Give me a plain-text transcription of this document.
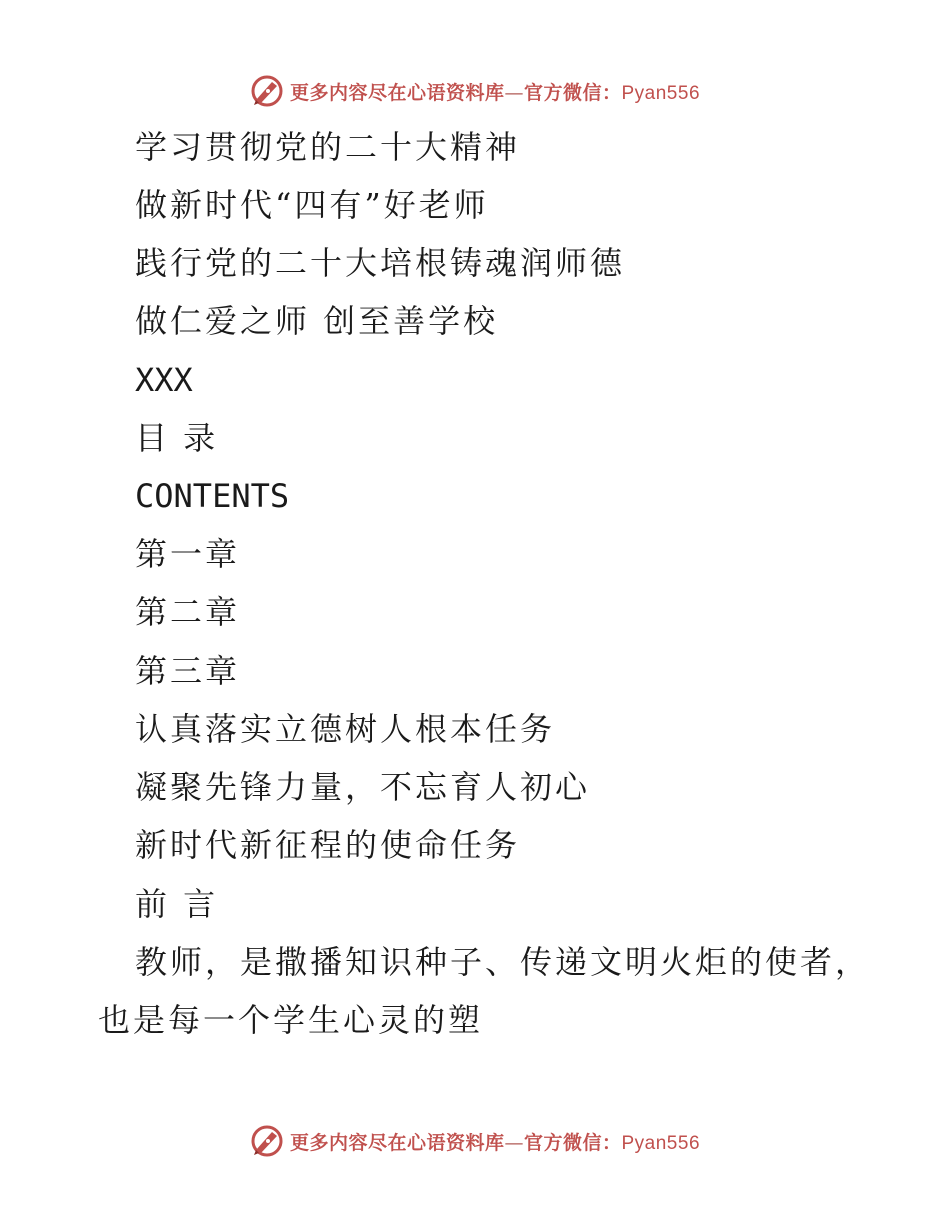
更多内容尽在心语资料库—官方微信：Pyan556
学习贯彻党的二十大精神
做新时代“四有”好老师
践行党的二十大培根铸魂润师德
做仁爱之师 创至善学校
XXX
目 录
CONTENTS
第一章
第二章
第三章
认真落实立德树人根本任务
凝聚先锋力量，不忘育人初心
新时代新征程的使命任务
前 言
教师，是撒播知识种子、传递文明火炬的使者，
也是每一个学生心灵的塑
更多内容尽在心语资料库—官方微信：Pyan556
